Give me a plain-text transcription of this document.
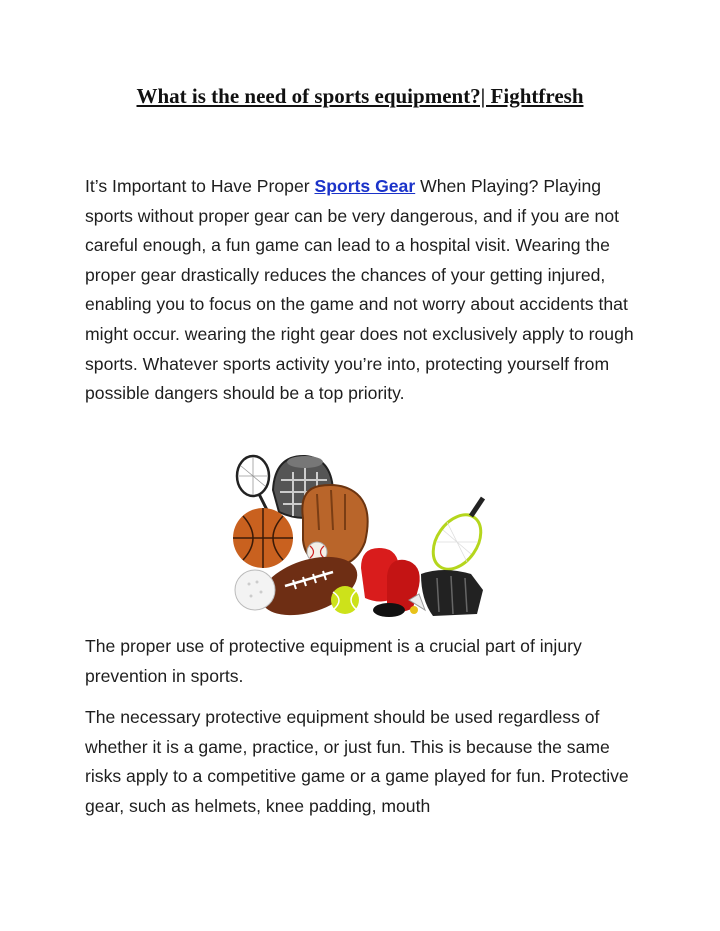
What is the need of sports equipment?| Fightfresh

It’s Important to Have Proper Sports Gear When Playing? Playing sports without proper gear can be very dangerous, and if you are not careful enough, a fun game can lead to a hospital visit. Wearing the proper gear drastically reduces the chances of your getting injured, enabling you to focus on the game and not worry about accidents that might occur. wearing the right gear does not exclusively apply to rough sports. Whatever sports activity you’re into, protecting yourself from possible dangers should be a top priority.

The proper use of protective equipment is a crucial part of injury prevention in sports.

The necessary protective equipment should be used regardless of whether it is a game, practice, or just fun. This is because the same risks apply to a competitive game or a game played for fun. Protective gear, such as helmets, knee padding, mouth
